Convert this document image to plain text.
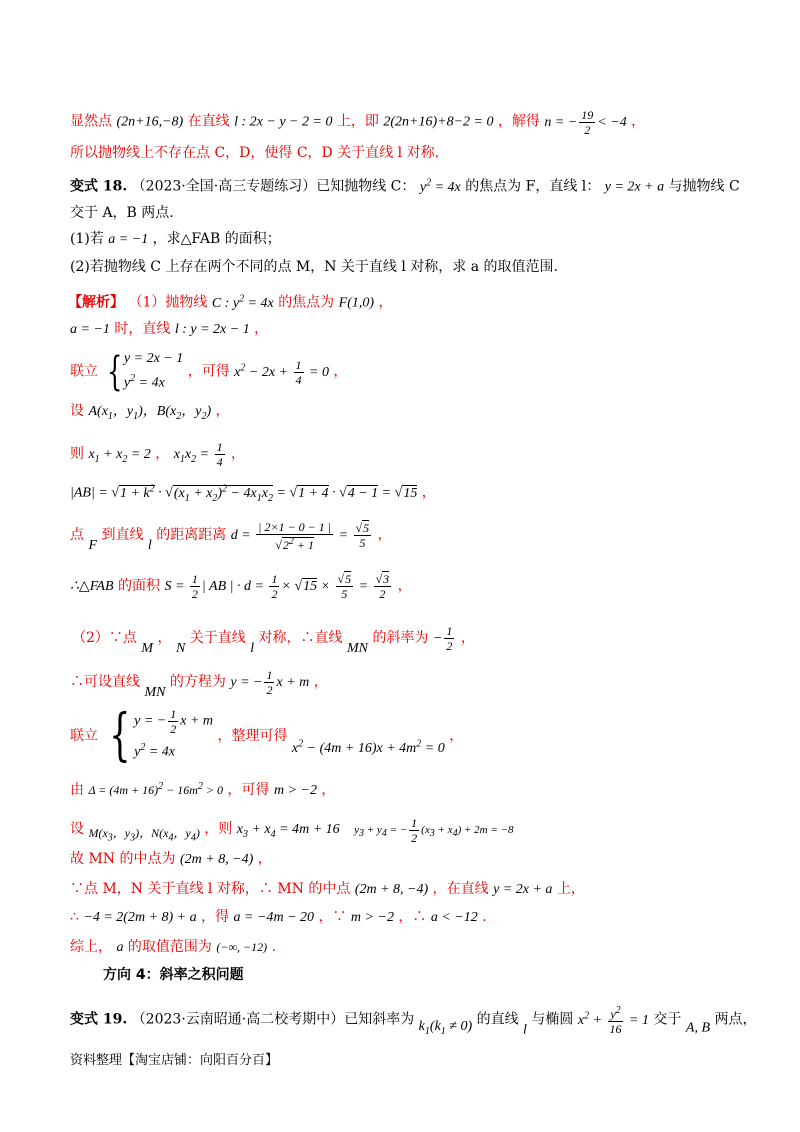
显然点 (2n+16,−8) 在直线 l : 2x − y − 2 = 0 上，即 2(2n+16)+8−2 = 0 ，解得 n = − $\frac{19}{2} < -4$ ，
所以抛物线上不存在点 C，D，使得 C，D 关于直线 l 对称.
变式 18. （2023·全国·高三专题练习）已知抛物线 C： $y^2 = 4x$ 的焦点为 F，直线 l： y = 2x + a 与抛物线 C
交于 A，B 两点.
(1)若 a = −1 ，求△FAB 的面积；
(2)若抛物线 C 上存在两个不同的点 M，N 关于直线 l 对称，求 a 的取值范围.
【解析】 （1）抛物线 C : $y^2 = 4x$ 的焦点为 F(1,0) ，
a = −1 时，直线 l : y = 2x − 1 ，
联立 { y = 2x − 1
$y^2 = 4x$
，可得 $x^2 - 2x + \frac{1}{4} = 0$ ，
设 $A(x_1$，$y_1$)，$B(x_2$，$y_2$) ，
则 $x_1 + x_2 = 2$ ， $x_1x_2 = \frac{1}{4}$ ，
$|AB| = √1 + k^2 \cdot √(x_1 + x_2)^2 - 4x_1x_2 = √1 + 4 \cdot √4 - 1 = √15$ ，
点 F 到直线 l 的距离距离 $d = \frac{| 2\times 1 - 0 - 1 |}{√2^2 + 1} = \frac{√5}{5}$ ，
∴△FAB 的面积 $S = \frac{1}{2}$ | AB | · $d = \frac{1}{2} \times √15 \times \frac{√5}{5} = \frac{√3}{2}$ ，
（2）∵点 M ， N 关于直线 l 对称，∴直线 MN 的斜率为 − $\frac{1}{2}$ ，
∴可设直线 MN 的方程为 y = − $\frac{1}{2}$ x + m ，
联立 { y = − $\frac{1}{2}$ x + m
$y^2 = 4x$
，整理可得 $x^2 - (4m + 16)x + 4m^2 = 0$ ，
由 $\Delta = (4m + 16)^2 - 16m^2 > 0$ ，可得 m > −2 ，
设 $M(x_3$，$y_3$)，$N(x_4$，$y_4$) ，则 $x_3 + x_4 = 4m + 16$ $y_3 + y_4$ = − $\frac{1}{2} (x_3 + x_4) + 2m = -8$
故 MN 的中点为 (2m + 8, −4) ，
∵点 M，N 关于直线 l 对称，∴ MN 的中点 (2m + 8, −4) ，在直线 y = 2x + a 上，
∴ −4 = 2(2m + 8) + a ，得 a = −4m − 20 ，∵ m > −2 ，∴ a < −12 .
综上， a 的取值范围为 (−∞, −12) .
方向 4：斜率之积问题
变式 19. （2023·云南昭通·高二校考期中）已知斜率为 $k_1(k_1 \ne 0)$ 的直线 l 与椭圆 $x^2 + \frac{y^2}{16} = 1$ 交于 A, B 两点，
资料整理【淘宝店铺：向阳百分百】
